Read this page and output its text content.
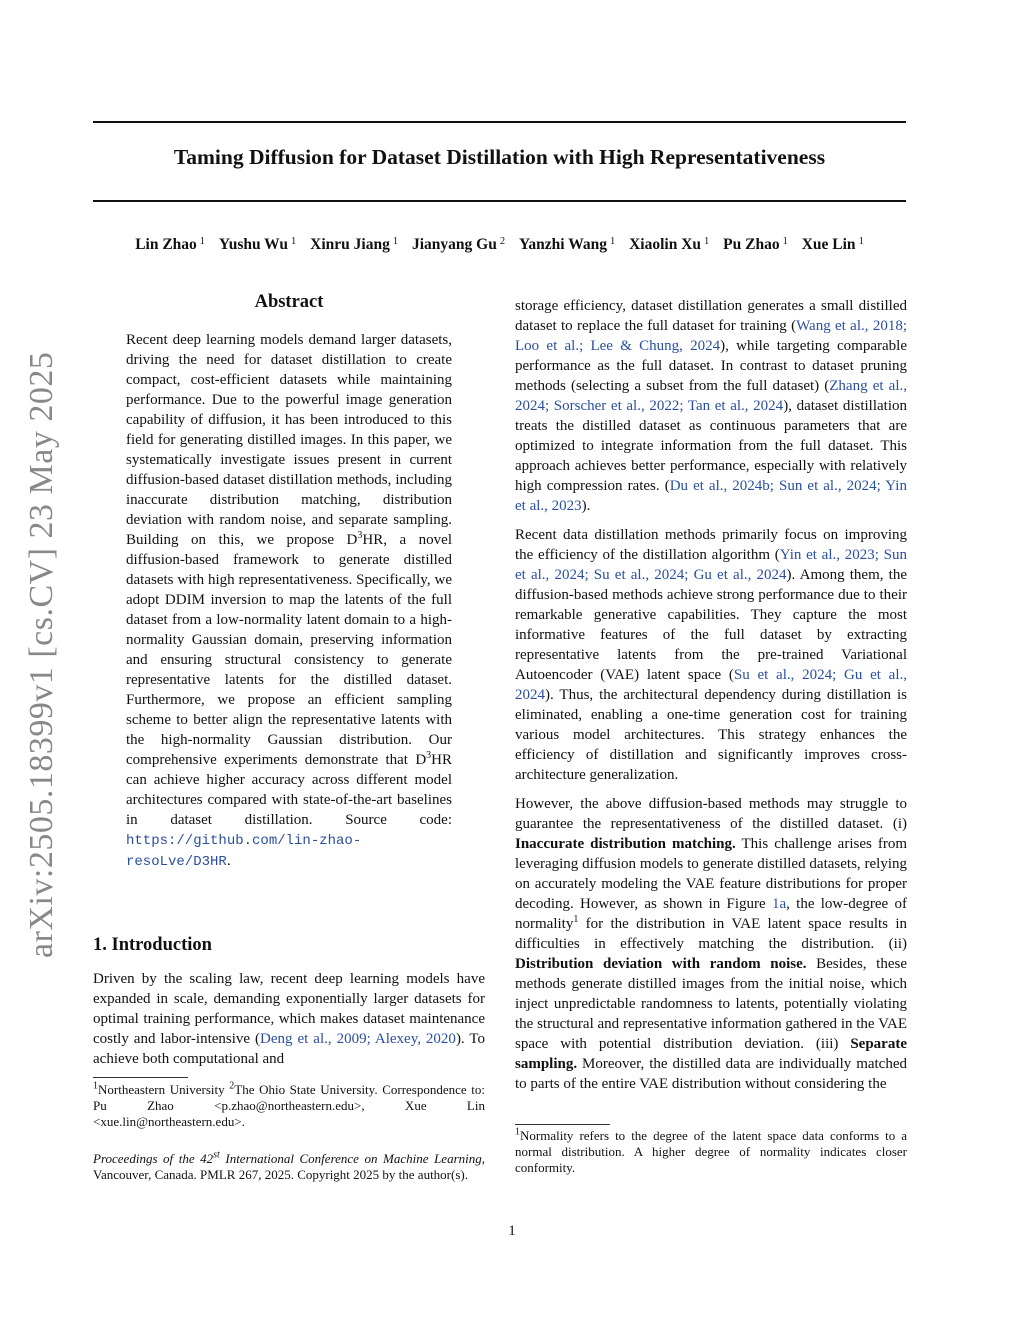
Taming Diffusion for Dataset Distillation with High Representativeness
Lin Zhao $^1$ Yushu Wu $^1$ Xinru Jiang $^1$ Jianyang Gu $^2$ Yanzhi Wang $^1$ Xiaolin Xu $^1$ Pu Zhao $^1$ Xue Lin $^1$
arXiv:2505.18399v1 [cs.CV] 23 May 2025
Abstract
Recent deep learning models demand larger datasets, driving the need for dataset distillation to create compact, cost-efficient datasets while maintaining performance. Due to the powerful image generation capability of diffusion, it has been introduced to this field for generating distilled images. In this paper, we systematically investigate issues present in current diffusion-based dataset distillation methods, including inaccurate distribution matching, distribution deviation with random noise, and separate sampling. Building on this, we propose $D^3HR$, a novel diffusion-based framework to generate distilled datasets with high representativeness. Specifically, we adopt DDIM inversion to map the latents of the full dataset from a low-normality latent domain to a high-normality Gaussian domain, preserving information and ensuring structural consistency to generate representative latents for the distilled dataset. Furthermore, we propose an efficient sampling scheme to better align the representative latents with the high-normality Gaussian distribution. Our comprehensive experiments demonstrate that $D^3HR$ can achieve higher accuracy across different model architectures compared with state-of-the-art baselines in dataset distillation. Source code: https://github.com/lin-zhao-resoLve/D3HR.
1. Introduction
Driven by the scaling law, recent deep learning models have expanded in scale, demanding exponentially larger datasets for optimal training performance, which makes dataset maintenance costly and labor-intensive (Deng et al., 2009; Alexey, 2020). To achieve both computational and
$^1$Northeastern University $^2$The Ohio State University. Correspondence to: Pu Zhao <p.zhao@northeastern.edu>, Xue Lin <xue.lin@northeastern.edu>.
Proceedings of the 42st International Conference on Machine Learning, Vancouver, Canada. PMLR 267, 2025. Copyright 2025 by the author(s).

storage efficiency, dataset distillation generates a small distilled dataset to replace the full dataset for training (Wang et al., 2018; Loo et al.; Lee & Chung, 2024), while targeting comparable performance as the full dataset. In contrast to dataset pruning methods (selecting a subset from the full dataset) (Zhang et al., 2024; Sorscher et al., 2022; Tan et al., 2024), dataset distillation treats the distilled dataset as continuous parameters that are optimized to integrate information from the full dataset. This approach achieves better performance, especially with relatively high compression rates. (Du et al., 2024b; Sun et al., 2024; Yin et al., 2023).

Recent data distillation methods primarily focus on improving the efficiency of the distillation algorithm (Yin et al., 2023; Sun et al., 2024; Su et al., 2024; Gu et al., 2024). Among them, the diffusion-based methods achieve strong performance due to their remarkable generative capabilities. They capture the most informative features of the full dataset by extracting representative latents from the pre-trained Variational Autoencoder (VAE) latent space (Su et al., 2024; Gu et al., 2024). Thus, the architectural dependency during distillation is eliminated, enabling a one-time generation cost for training various model architectures. This strategy enhances the efficiency of distillation and significantly improves cross-architecture generalization.

However, the above diffusion-based methods may struggle to guarantee the representativeness of the distilled dataset. (i) Inaccurate distribution matching. This challenge arises from leveraging diffusion models to generate distilled datasets, relying on accurately modeling the VAE feature distributions for proper decoding. However, as shown in Figure 1a, the low-degree of normality$^1$ for the distribution in VAE latent space results in difficulties in effectively matching the distribution. (ii) Distribution deviation with random noise. Besides, these methods generate distilled images from the initial noise, which inject unpredictable randomness to latents, potentially violating the structural and representative information gathered in the VAE space with potential distribution deviation. (iii) Separate sampling. Moreover, the distilled data are individually matched to parts of the entire VAE distribution without considering the

$^1$Normality refers to the degree of the latent space data conforms to a normal distribution. A higher degree of normality indicates closer conformity.
1
